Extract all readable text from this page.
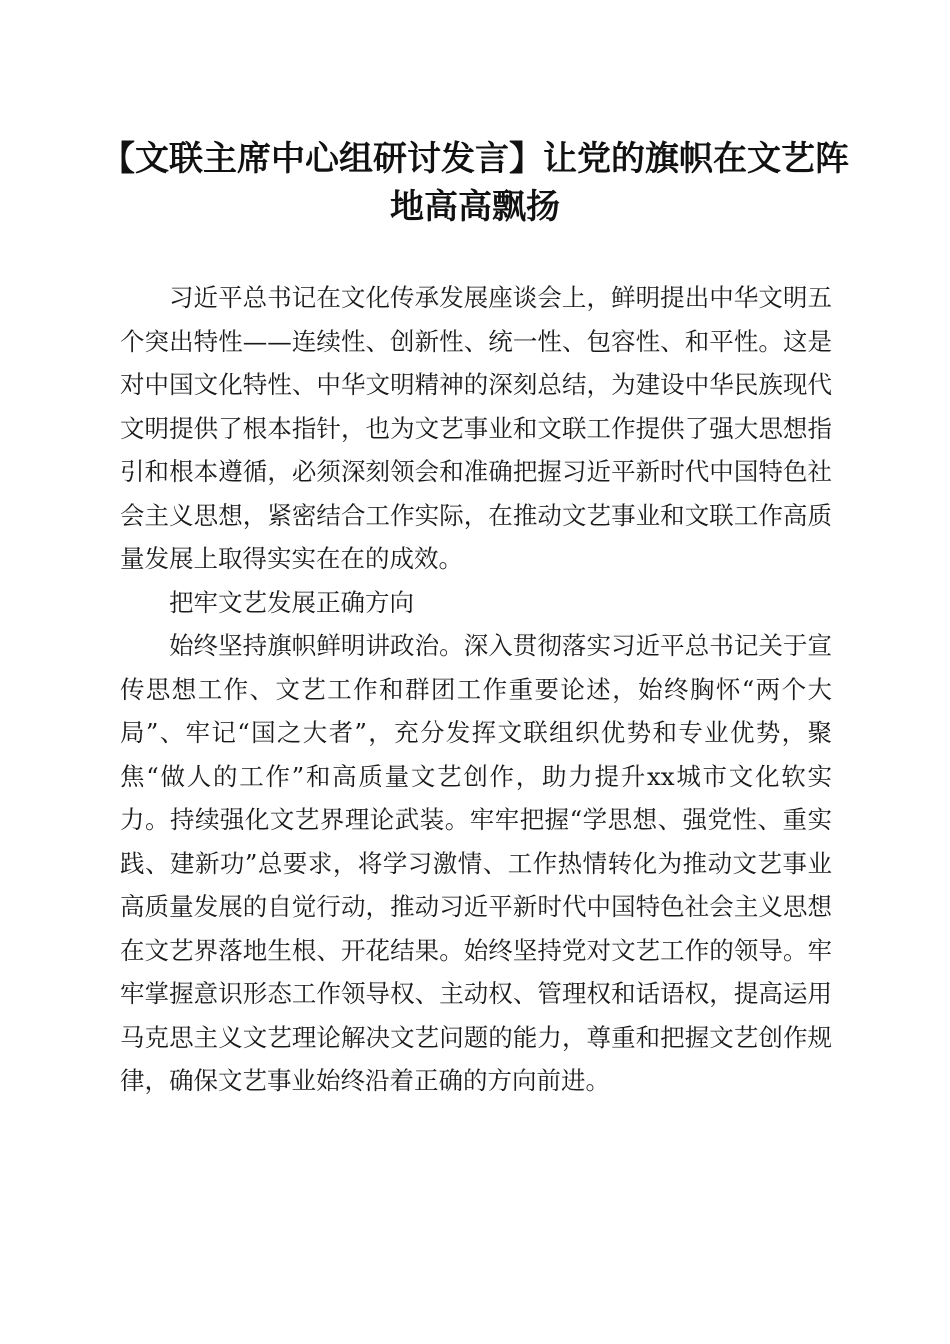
【文联主席中心组研讨发言】让党的旗帜在文艺阵地高高飘扬

习近平总书记在文化传承发展座谈会上，鲜明提出中华文明五个突出特性——连续性、创新性、统一性、包容性、和平性。这是对中国文化特性、中华文明精神的深刻总结，为建设中华民族现代文明提供了根本指针，也为文艺事业和文联工作提供了强大思想指引和根本遵循，必须深刻领会和准确把握习近平新时代中国特色社会主义思想，紧密结合工作实际，在推动文艺事业和文联工作高质量发展上取得实实在在的成效。

把牢文艺发展正确方向

始终坚持旗帜鲜明讲政治。深入贯彻落实习近平总书记关于宣传思想工作、文艺工作和群团工作重要论述，始终胸怀“两个大局”、牢记“国之大者”，充分发挥文联组织优势和专业优势，聚焦“做人的工作”和高质量文艺创作，助力提升xx城市文化软实力。持续强化文艺界理论武装。牢牢把握“学思想、强党性、重实践、建新功”总要求，将学习激情、工作热情转化为推动文艺事业高质量发展的自觉行动，推动习近平新时代中国特色社会主义思想在文艺界落地生根、开花结果。始终坚持党对文艺工作的领导。牢牢掌握意识形态工作领导权、主动权、管理权和话语权，提高运用马克思主义文艺理论解决文艺问题的能力，尊重和把握文艺创作规律，确保文艺事业始终沿着正确的方向前进。
